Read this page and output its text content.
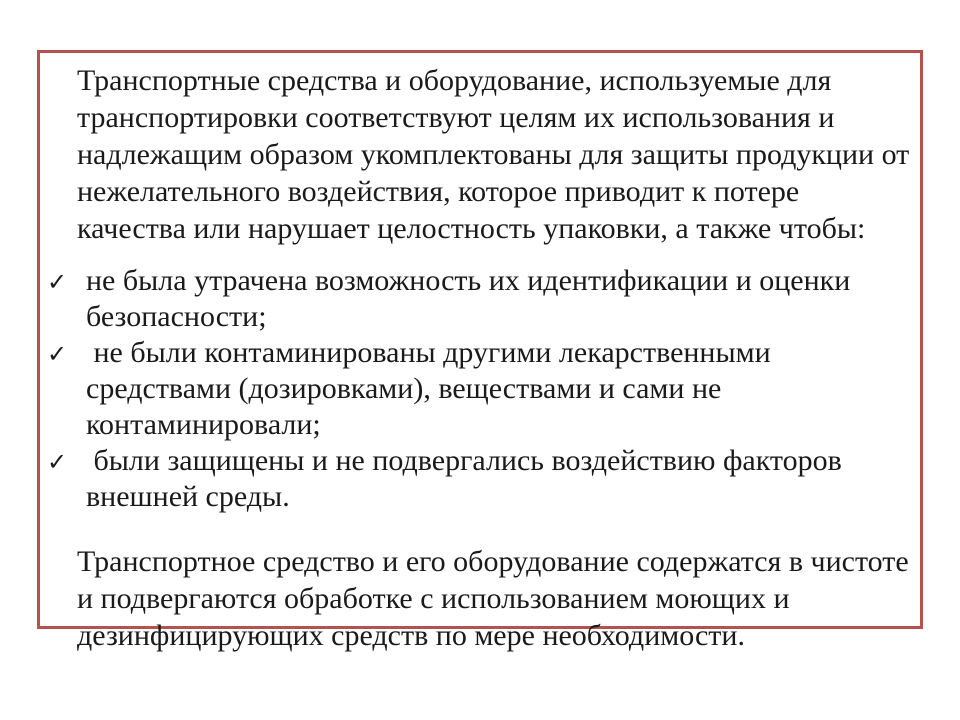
Транспортные средства и оборудование, используемые для транспортировки соответствуют целям их использования и надлежащим образом укомплектованы для защиты продукции от нежелательного воздействия, которое приводит к потере качества или нарушает целостность упаковки, а также чтобы:

✓ не была утрачена возможность их идентификации и оценки безопасности;
✓ не были контаминированы другими лекарственными средствами (дозировками), веществами и сами не контаминировали;
✓ были защищены и не подвергались воздействию факторов внешней среды.

Транспортное средство и его оборудование содержатся в чистоте и подвергаются обработке с использованием моющих и дезинфицирующих средств по мере необходимости.
